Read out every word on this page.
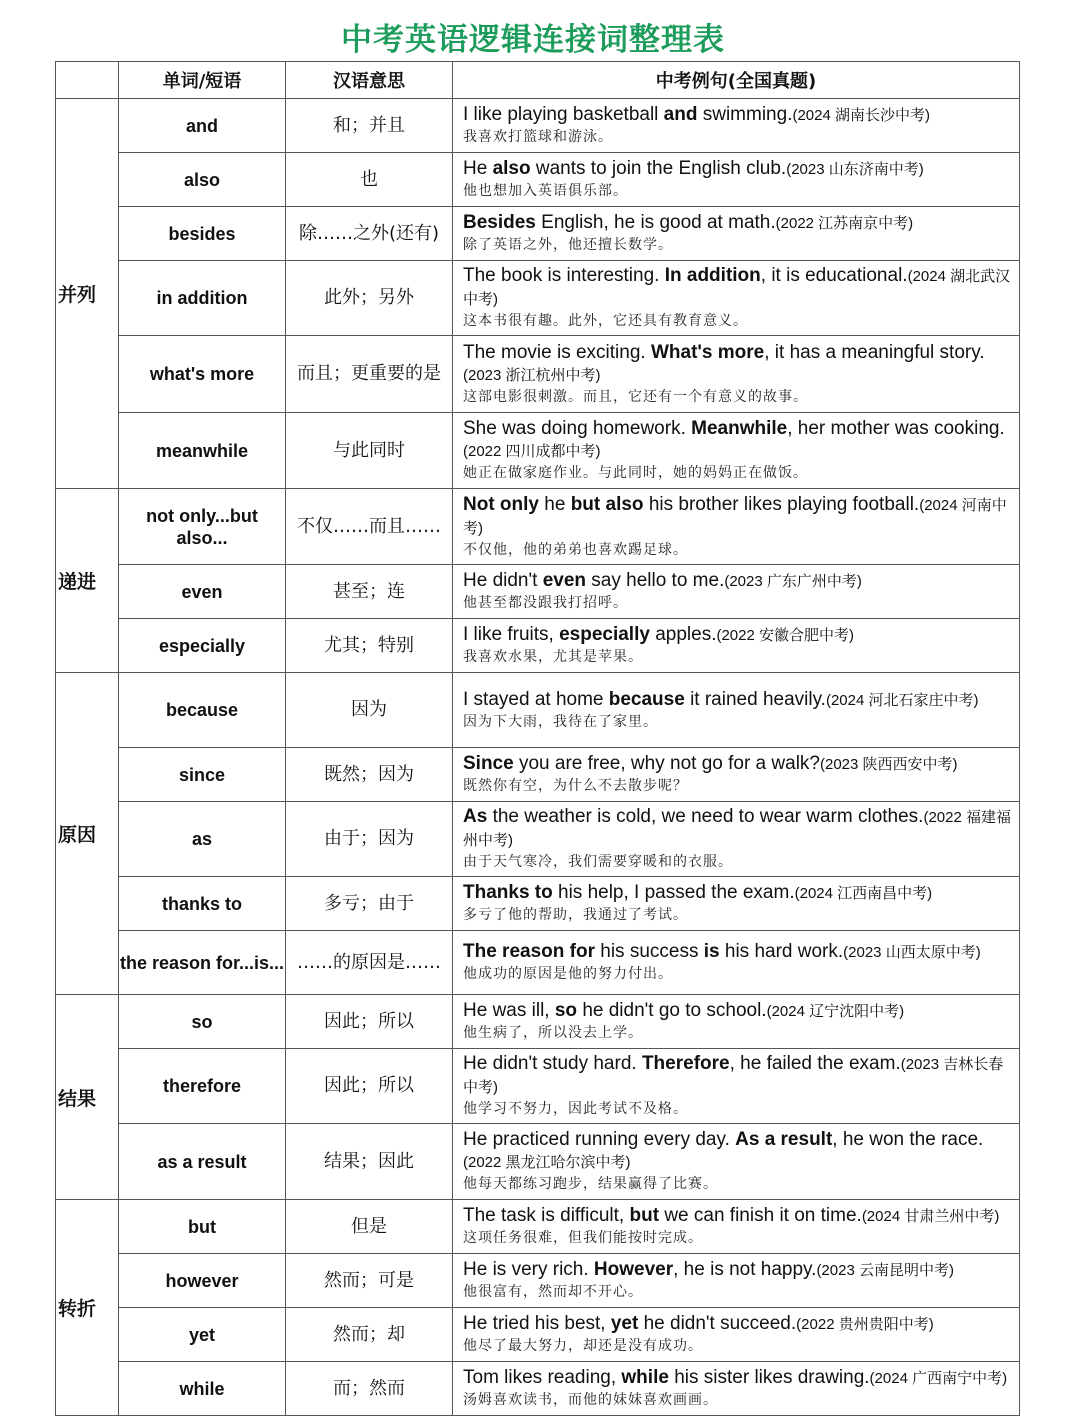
中考英语逻辑连接词整理表
	单词/短语	汉语意思	中考例句(全国真题)
并列	and	和；并且	I like playing basketball and swimming.(2024 湖南长沙中考)
我喜欢打篮球和游泳。

	also	也	He also wants to join the English club.(2023 山东济南中考)
他也想加入英语俱乐部。

	besides	除……之外(还有)	Besides English, he is good at math.(2022 江苏南京中考)
除了英语之外，他还擅长数学。

	in addition	此外；另外	The book is interesting. In addition, it is educational.(2024 湖北武汉中考)
这本书很有趣。此外，它还具有教育意义。

	what's more	而且；更重要的是	The movie is exciting. What's more, it has a meaningful story.(2023 浙江杭州中考)
这部电影很刺激。而且，它还有一个有意义的故事。

	meanwhile	与此同时	She was doing homework. Meanwhile, her mother was cooking.(2022 四川成都中考)
她正在做家庭作业。与此同时，她的妈妈正在做饭。

递进	not only...but also...	不仅……而且……	Not only he but also his brother likes playing football.(2024 河南中考)
不仅他，他的弟弟也喜欢踢足球。

	even	甚至；连	He didn't even say hello to me.(2023 广东广州中考)
他甚至都没跟我打招呼。

	especially	尤其；特别	I like fruits, especially apples.(2022 安徽合肥中考)
我喜欢水果，尤其是苹果。

原因	because	因为	I stayed at home because it rained heavily.(2024 河北石家庄中考)
因为下大雨，我待在了家里。

	since	既然；因为	Since you are free, why not go for a walk?(2023 陕西西安中考)
既然你有空，为什么不去散步呢？

	as	由于；因为	As the weather is cold, we need to wear warm clothes.(2022 福建福州中考)
由于天气寒冷，我们需要穿暖和的衣服。

	thanks to	多亏；由于	Thanks to his help, I passed the exam.(2024 江西南昌中考)
多亏了他的帮助，我通过了考试。

	the reason for...is...	……的原因是……	The reason for his success is his hard work.(2023 山西太原中考)
他成功的原因是他的努力付出。

结果	so	因此；所以	He was ill, so he didn't go to school.(2024 辽宁沈阳中考)
他生病了，所以没去上学。

	therefore	因此；所以	He didn't study hard. Therefore, he failed the exam.(2023 吉林长春中考)
他学习不努力，因此考试不及格。

	as a result	结果；因此	He practiced running every day. As a result, he won the race.(2022 黑龙江哈尔滨中考)
他每天都练习跑步，结果赢得了比赛。

转折	but	但是	The task is difficult, but we can finish it on time.(2024 甘肃兰州中考)
这项任务很难，但我们能按时完成。

	however	然而；可是	He is very rich. However, he is not happy.(2023 云南昆明中考)
他很富有，然而却不开心。

	yet	然而；却	He tried his best, yet he didn't succeed.(2022 贵州贵阳中考)
他尽了最大努力，却还是没有成功。

	while	而；然而	Tom likes reading, while his sister likes drawing.(2024 广西南宁中考)
汤姆喜欢读书，而他的妹妹喜欢画画。
